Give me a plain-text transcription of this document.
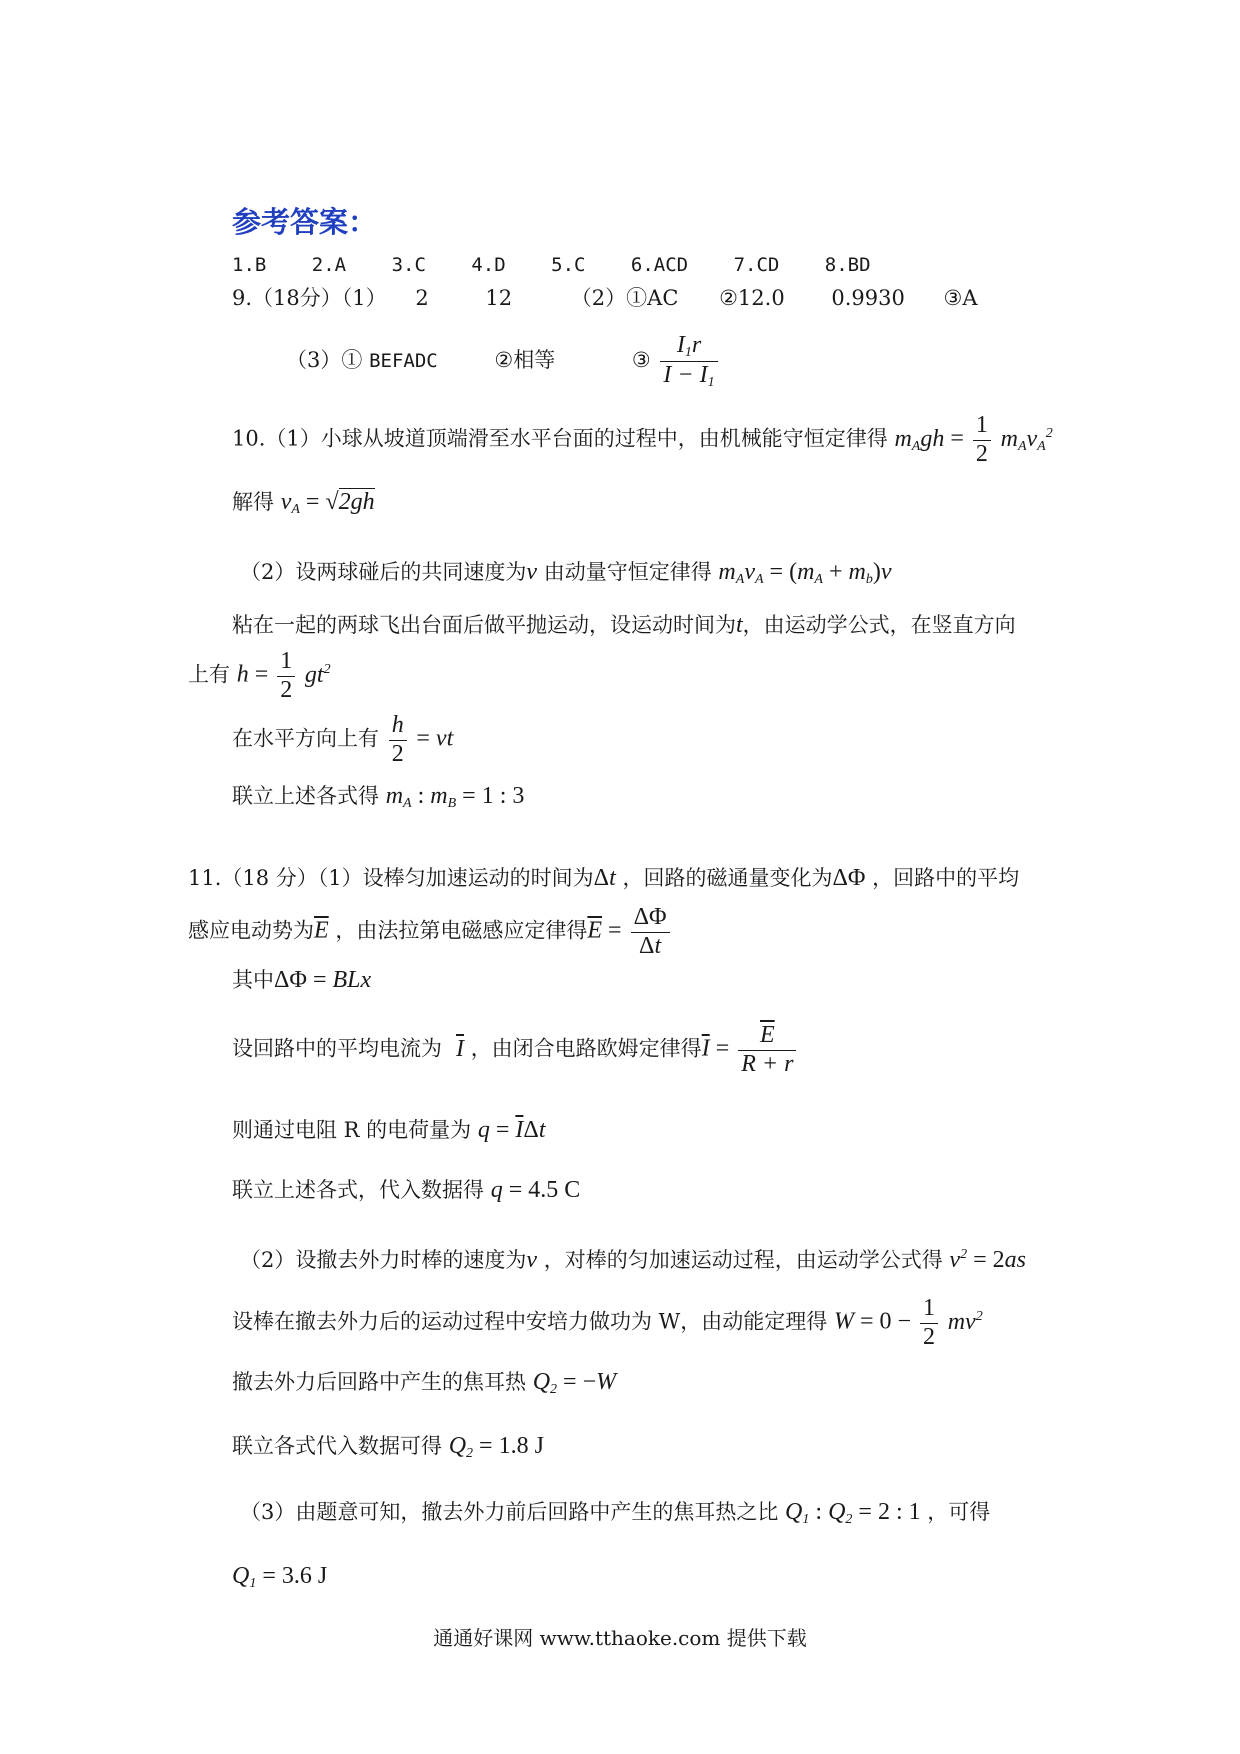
参考答案：
1.B 2.A 3.C 4.D 5.C 6.ACD 7.CD 8.BD
9.（18分）（1） 2	12	（2）①AC ②12.0 0.9930 ③A
（3）① BEFADC	②相等	③ $\frac{I_1r}{I - I_1}$
10.（1）小球从坡道顶端滑至水平台面的过程中，由机械能守恒定律得 $m_Agh = \frac{1}{2} m_Av_A^2$
解得 $v_A = √2gh$
（2）设两球碰后的共同速度为v 由动量守恒定律得 $m_Av_A = (m_A + m_b)v$
粘在一起的两球飞出台面后做平抛运动，设运动时间为t，由运动学公式，在竖直方向
上有 $h = \frac{1}{2} gt^2$
在水平方向上有 $\frac{h}{2}$ = vt
联立上述各式得 $m_A$ : $m_B = 1$ : 3
11.（18 分）（1）设棒匀加速运动的时间为Δt ，回路的磁通量变化为ΔΦ ，回路中的平均
感应电动势为$\overline{E}$ ，由法拉第电磁感应定律得$\overline{E} = \frac{\Delta\Phi}{\Delta t}$
其中ΔΦ = BLx
设回路中的平均电流为 $\overline{I}$ ，由闭合电路欧姆定律得$\overline{I} = \frac{\overline{E}}{R + r}$
则通过电阻 R 的电荷量为 $q = \overline{I}\Delta t$
联立上述各式，代入数据得 q = 4.5 C
（2）设撤去外力时棒的速度为v ，对棒的匀加速运动过程，由运动学公式得 $v^2 = 2as$
设棒在撤去外力后的运动过程中安培力做功为 W，由动能定理得 $W = 0 - \frac{1}{2} mv^2$
撤去外力后回路中产生的焦耳热 $Q_2 = -W$
联立各式代入数据可得 $Q_2 = 1.8$ J
（3）由题意可知，撤去外力前后回路中产生的焦耳热之比 $Q_1$ : $Q_2 = 2$ : 1 ，可得
$Q_1 = 3.6$ J
通通好课网 www.tthaoke.com 提供下载
